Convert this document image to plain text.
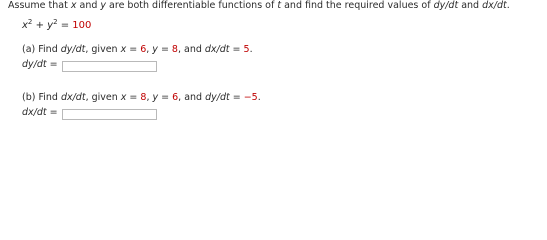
Assume that x and y are both differentiable functions of t and find the required values of dy/dt and dx/dt.
$x^2 + y^2 = 100$
(a) Find dy/dt, given x = 6, y = 8, and dx/dt = 5.
dy/dt =
(b) Find dx/dt, given x = 8, y = 6, and dy/dt = −5.
dx/dt =
